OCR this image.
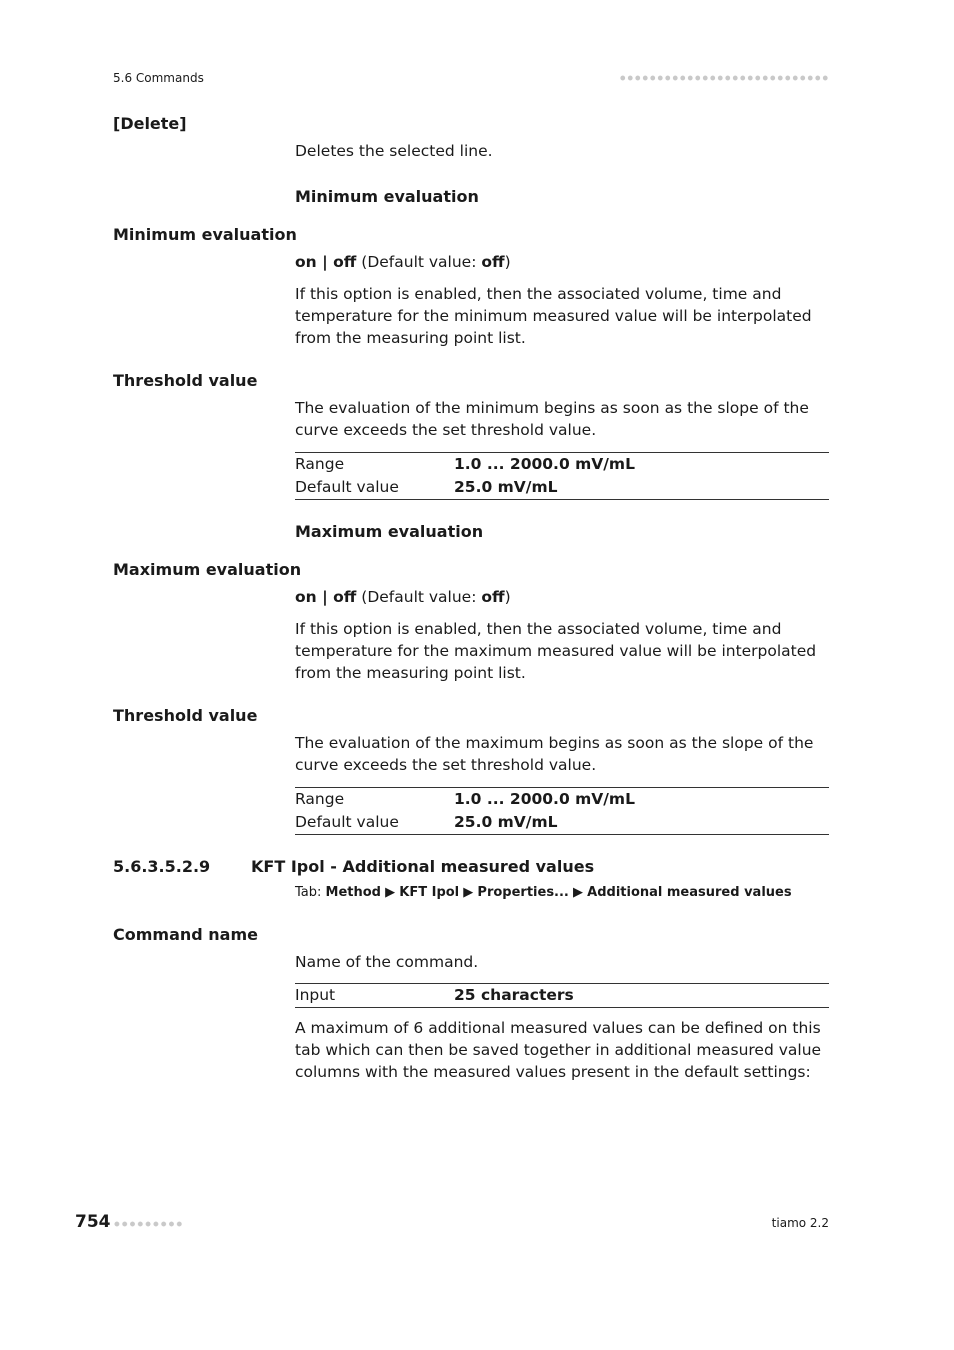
5.6 Commands
[Delete]
Deletes the selected line.
Minimum evaluation
Minimum evaluation
on | off (Default value: off)
If this option is enabled, then the associated volume, time and temperature for the minimum measured value will be interpolated from the measuring point list.
Threshold value
The evaluation of the minimum begins as soon as the slope of the curve exceeds the set threshold value.
Range	1.0 ... 2000.0 mV/mL
Default value	25.0 mV/mL
Maximum evaluation
Maximum evaluation
on | off (Default value: off)
If this option is enabled, then the associated volume, time and temperature for the maximum measured value will be interpolated from the measuring point list.
Threshold value
The evaluation of the maximum begins as soon as the slope of the curve exceeds the set threshold value.
Range	1.0 ... 2000.0 mV/mL
Default value	25.0 mV/mL
5.6.3.5.2.9	KFT Ipol - Additional measured values
Tab: Method ▶ KFT Ipol ▶ Properties... ▶ Additional measured values
Command name
Name of the command.
Input	25 characters
A maximum of 6 additional measured values can be defined on this tab which can then be saved together in additional measured value columns with the measured values present in the default settings:
754	tiamo 2.2
